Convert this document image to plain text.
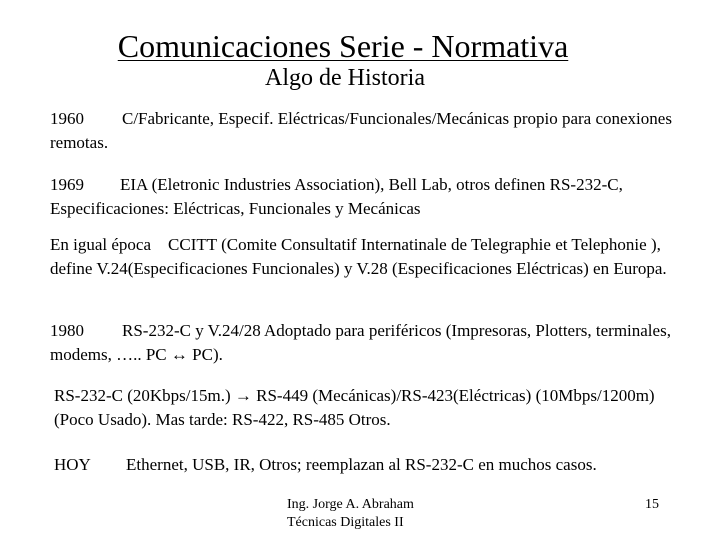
Comunicaciones Serie - Normativa
Algo de Historia
1960 C/Fabricante, Especif. Eléctricas/Funcionales/Mecánicas propio para conexiones remotas.
1969 EIA (Eletronic Industries Association), Bell Lab, otros definen RS-232-C, Especificaciones: Eléctricas, Funcionales y Mecánicas
En igual época CCITT (Comite Consultatif Internatinale de Telegraphie et Telephonie ), define V.24(Especificaciones Funcionales) y V.28 (Especificaciones Eléctricas) en Europa.
1980 RS-232-C y V.24/28 Adoptado para periféricos (Impresoras, Plotters, terminales, modems, ….. PC ↔ PC).
RS-232-C (20Kbps/15m.) → RS-449 (Mecánicas)/RS-423(Eléctricas) (10Mbps/1200m) (Poco Usado). Mas tarde: RS-422, RS-485 Otros.
HOY Ethernet, USB, IR, Otros; reemplazan al RS-232-C en muchos casos.
Ing. Jorge A. Abraham
Técnicas Digitales II
15
